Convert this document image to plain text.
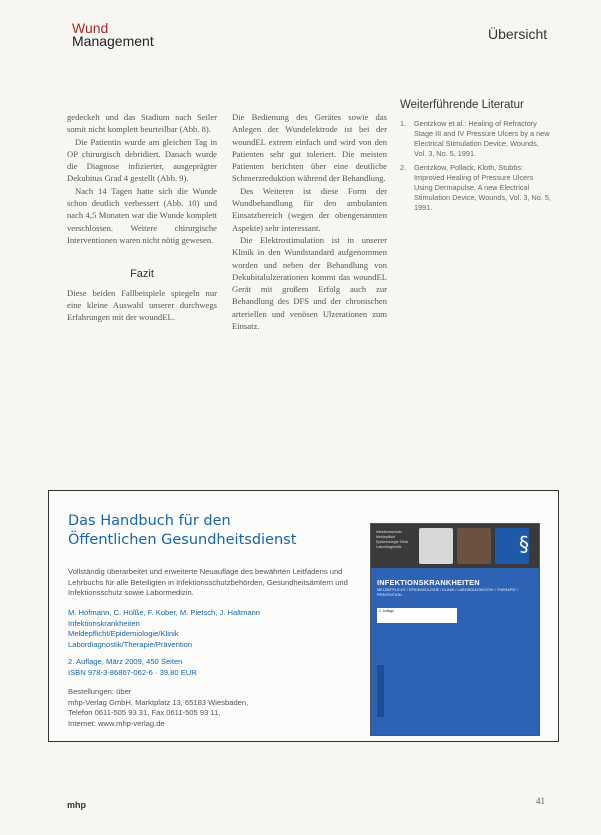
Wund
Management	Übersicht

gedeckelt und das Stadium nach Seiler somit nicht komplett beurteilbar (Abb. 8).

Die Patientin wurde am gleichen Tag in OP chirurgisch debridiert. Danach wurde die Diagnose infizierter, ausgeprägter Dekubitus Grad 4 gestellt (Abb. 9).

Nach 14 Tagen hatte sich die Wunde schon deutlich verbessert (Abb. 10) und nach 4,5 Monaten war die Wunde komplett verschlossen. Weitere chirurgische Interventionen waren nicht nötig gewesen.

Fazit

Diese beiden Fallbeispiele spiegeln nur eine kleine Auswahl unserer durchwegs Erfahrungen mit der woundEL.

Die Bedienung des Gerätes sowie das Anlegen der Wundelektrode ist bei der woundEL extrem einfach und wird von den Patienten sehr gut toleriert. Die meisten Patienten berichten über eine deutliche Schmerzreduktion während der Behandlung.

Des Weiteren ist diese Form der Wundbehandlung für den ambulanten Einsatzbereich (wegen der obengenannten Aspekte) sehr interessant.

Die Elektrostimulation ist in unserer Klinik in den Wundstandard aufgenommen worden und neben der Behandlung von Dekubitalulzerationen kommt das woundEL Gerät mit großem Erfolg auch zur Behandlung des DFS und der chronischen arteriellen und venösen Ulzerationen zum Einsatz.

Weiterführende Literatur
1.	Gentzkow et al.: Healing of Refractory Stage III and IV Pressure Ulcers by a new Electrical Stimulation Device, Wounds, Vol. 3, No. 5, 1991.
2.	Gentzkow, Pollack, Kloth, Stubbs: Improved Healing of Pressure Ulcers Using Dermapulse, A new Electrical Stimulation Device, Wounds, Vol. 3, No. 5, 1991.
Das Handbuch für den
Öffentlichen Gesundheitsdienst
Vollständig überarbeitet und erweiterte Neuauflage des bewährten Leitfadens und Lehrbuchs für alle Beteiligten in Infektionsschutzbehörden, Gesundheitsämtern und Infektionsschutz sowie Labormedizin.
M. Hofmann, C. Hülße, F. Kober, M. Pietsch, J. Haltmann
Infektionskrankheiten
Meldepflicht/Epidemiologie/Klinik
Labordiagnostik/Therapie/Prävention
2. Auflage, März 2009, 450 Seiten
ISBN 978-3-86867-062-6 · 39,80 EUR
Bestellungen: über
mhp-Verlag GmbH, Marktplatz 13, 65183 Wiesbaden,
Telefon 0611-505 93 31, Fax 0611-505 93 11,
Internet: www.mhp-verlag.de
Infektionsschutz Meldepflicht Epidemiologie Klinik Labordiagnostik	§
INFEKTIONSKRANKHEITEN
MELDEPFLICHT / EPIDEMIOLOGIE / KLINIK / LABORDIAGNOSTIK / THERAPIE / PRÄVENTION
2. Auflage
mhp	41
